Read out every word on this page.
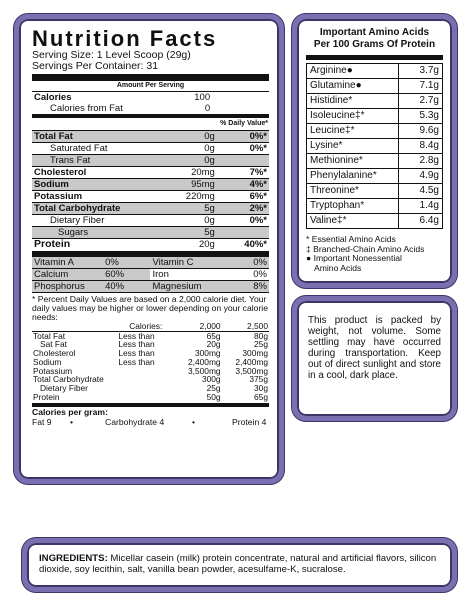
Nutrition Facts
Serving Size: 1 Level Scoop (29g)
Servings Per Container: 31
Amount Per Serving
Calories	100	
Calories from Fat	0	
% Daily Value*
Total Fat	0g	0%*
Saturated Fat	0g	0%*
Trans Fat	0g	
Cholesterol	20mg	7%*
Sodium	95mg	4%*
Potassium	220mg	6%*
Total Carbohydrate	5g	2%*
Dietary Fiber	0g	0%*
Sugars	5g	
Protein	20g	40%*
Vitamin A	0%	Vitamin C	0%
Calcium	60%	Iron	0%
Phosphorus	40%	Magnesium	8%
* Percent Daily Values are based on a 2,000 calorie diet. Your daily values may be higher or lower depending on your calorie needs:
	Calories:	2,000	2,500

Total Fat	Less than	65g	80g
Sat Fat	Less than	20g	25g
Cholesterol	Less than	300mg	300mg
Sodium	Less than	2,400mg	2,400mg
Potassium		3,500mg	3,500mg
Total Carbohydrate		300g	375g
Dietary Fiber		25g	30g
Protein		50g	65g
Calories per gram:
Fat 9	•	Carbohydrate 4	•	Protein 4
Important Amino Acids
Per 100 Grams Of Protein
Arginine●	3.7g
Glutamine●	7.1g
Histidine*	2.7g
Isoleucine‡*	5.3g
Leucine‡*	9.6g
Lysine*	8.4g
Methionine*	2.8g
Phenylalanine*	4.9g
Threonine*	4.5g
Tryptophan*	1.4g
Valine‡*	6.4g
* Essential Amino Acids
‡ Branched-Chain Amino Acids
● Important Nonessential
Amino Acids
This product is packed by weight, not volume. Some settling may have occurred during transportation. Keep out of direct sunlight and store in a cool, dark place.
INGREDIENTS: Micellar casein (milk) protein concentrate, natural and artificial flavors, silicon dioxide, soy lecithin, salt, vanilla bean powder, acesulfame-K, sucralose.
